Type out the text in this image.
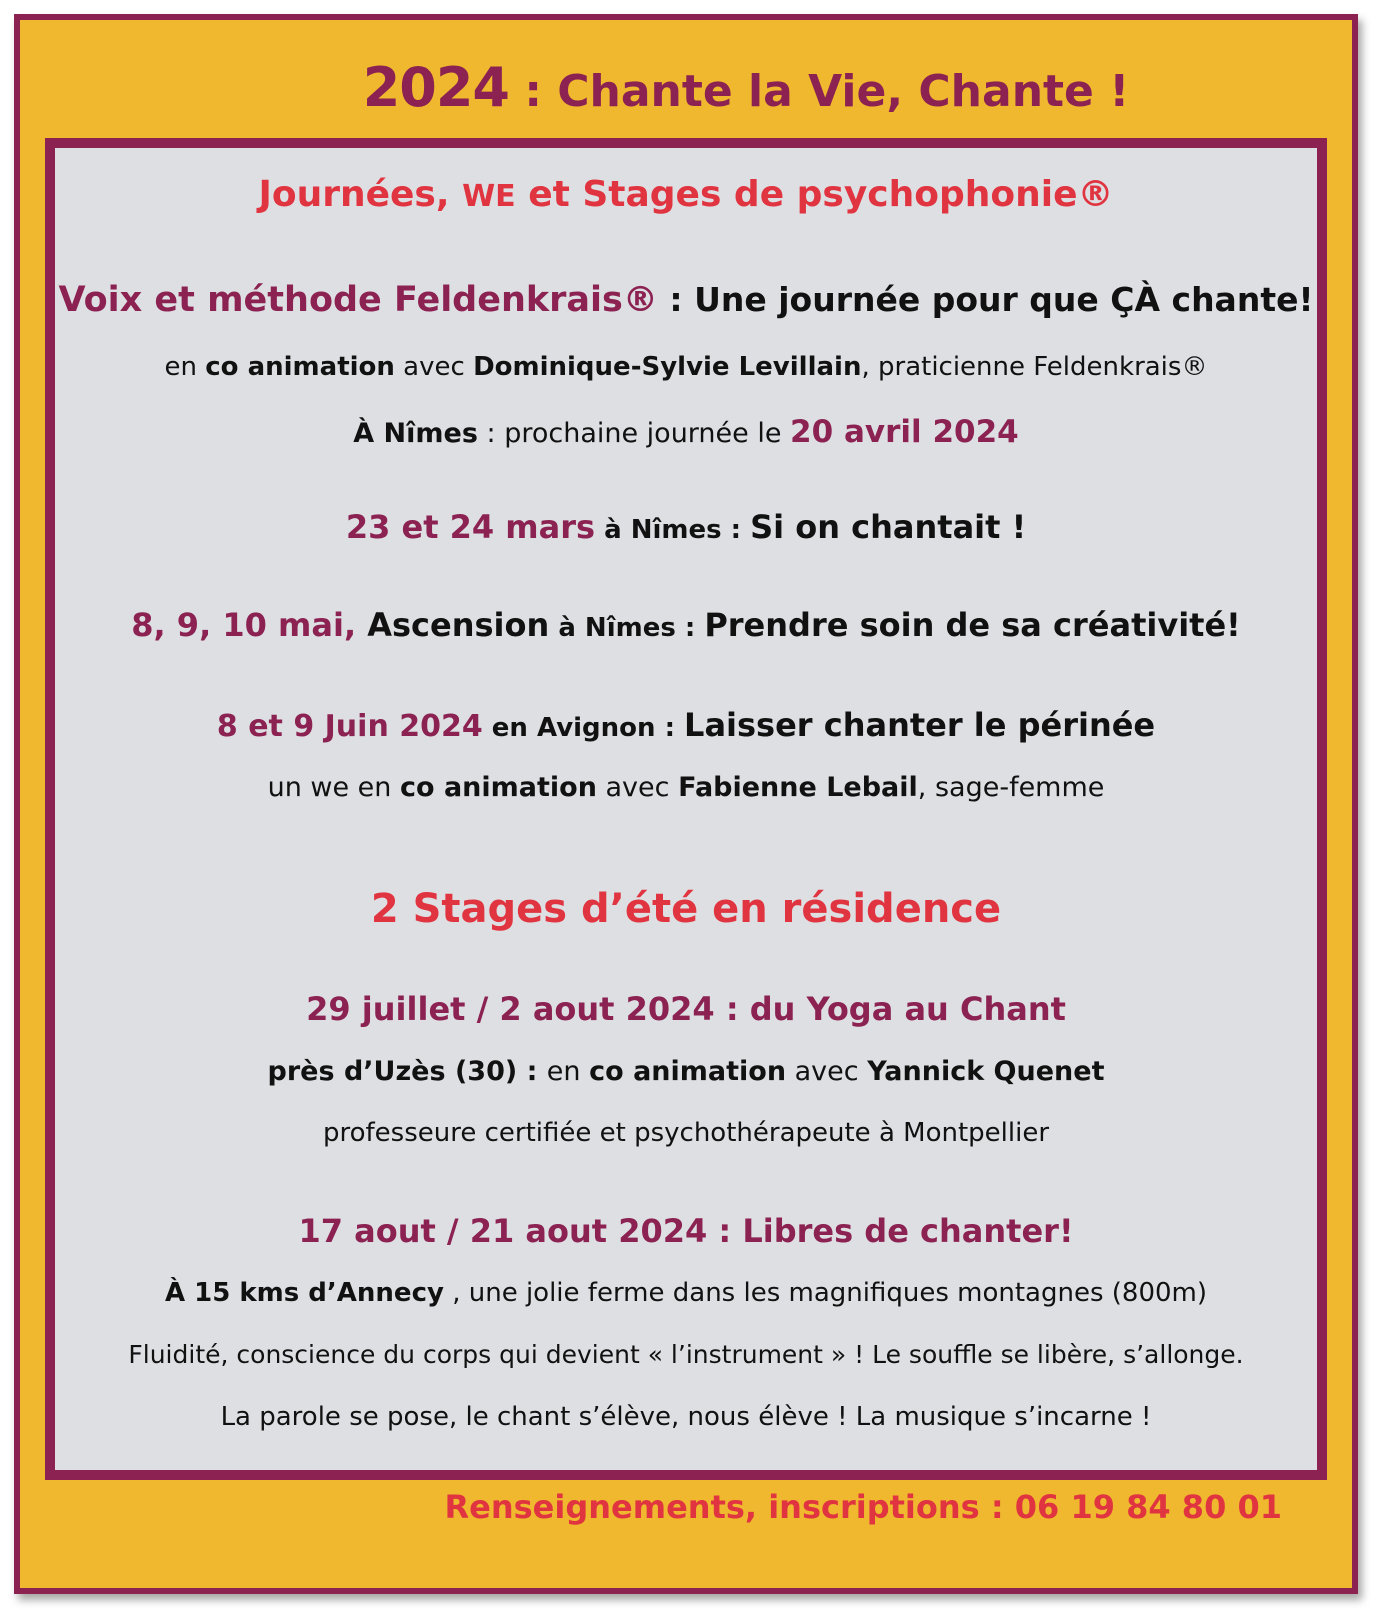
2024 : Chante la Vie, Chante !
Journées, WE et Stages de psychophonie®
Voix et méthode Feldenkrais® : Une journée pour que ÇÀ chante!
en co animation avec Dominique-Sylvie Levillain, praticienne Feldenkrais®
À Nîmes : prochaine journée le 20 avril 2024
23 et 24 mars à Nîmes : Si on chantait !
8, 9, 10 mai, Ascension à Nîmes : Prendre soin de sa créativité!
8 et 9 Juin 2024 en Avignon : Laisser chanter le périnée
un we en co animation avec Fabienne Lebail, sage-femme
2 Stages d’été en résidence
29 juillet / 2 aout 2024 : du Yoga au Chant
près d’Uzès (30) : en co animation avec Yannick Quenet
professeure certifiée et psychothérapeute à Montpellier
17 aout / 21 aout 2024 : Libres de chanter!
À 15 kms d’Annecy , une jolie ferme dans les magnifiques montagnes (800m)
Fluidité, conscience du corps qui devient « l’instrument » ! Le souffle se libère, s’allonge.
La parole se pose, le chant s’élève, nous élève ! La musique s’incarne !
Renseignements, inscriptions : 06 19 84 80 01
